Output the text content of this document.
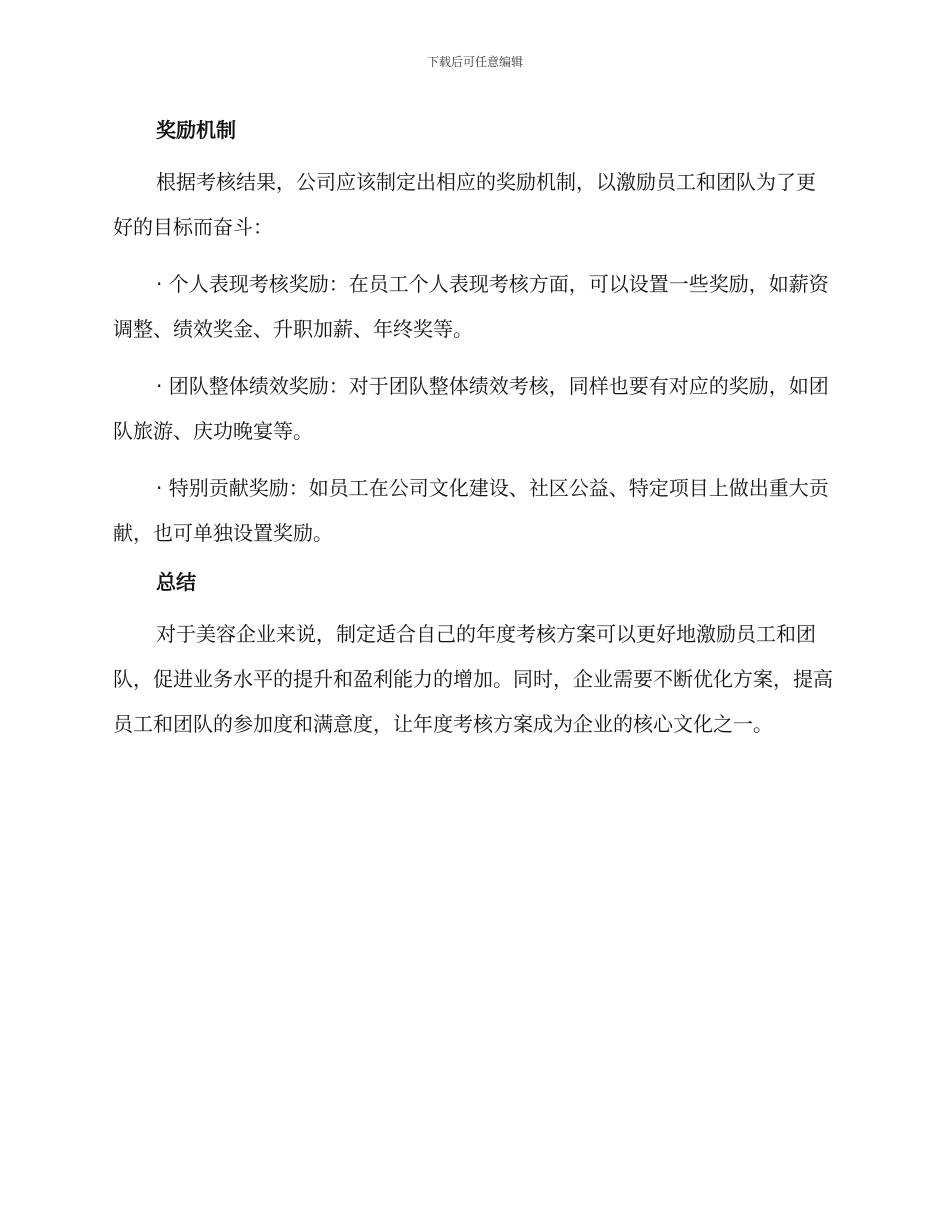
下载后可任意编辑
奖励机制

根据考核结果，公司应该制定出相应的奖励机制，以激励员工和团队为了更好的目标而奋斗：

· 个人表现考核奖励：在员工个人表现考核方面，可以设置一些奖励，如薪资调整、绩效奖金、升职加薪、年终奖等。

· 团队整体绩效奖励：对于团队整体绩效考核，同样也要有对应的奖励，如团队旅游、庆功晚宴等。

· 特别贡献奖励：如员工在公司文化建设、社区公益、特定项目上做出重大贡献，也可单独设置奖励。

总结

对于美容企业来说，制定适合自己的年度考核方案可以更好地激励员工和团队，促进业务水平的提升和盈利能力的增加。同时，企业需要不断优化方案，提高员工和团队的参加度和满意度，让年度考核方案成为企业的核心文化之一。
